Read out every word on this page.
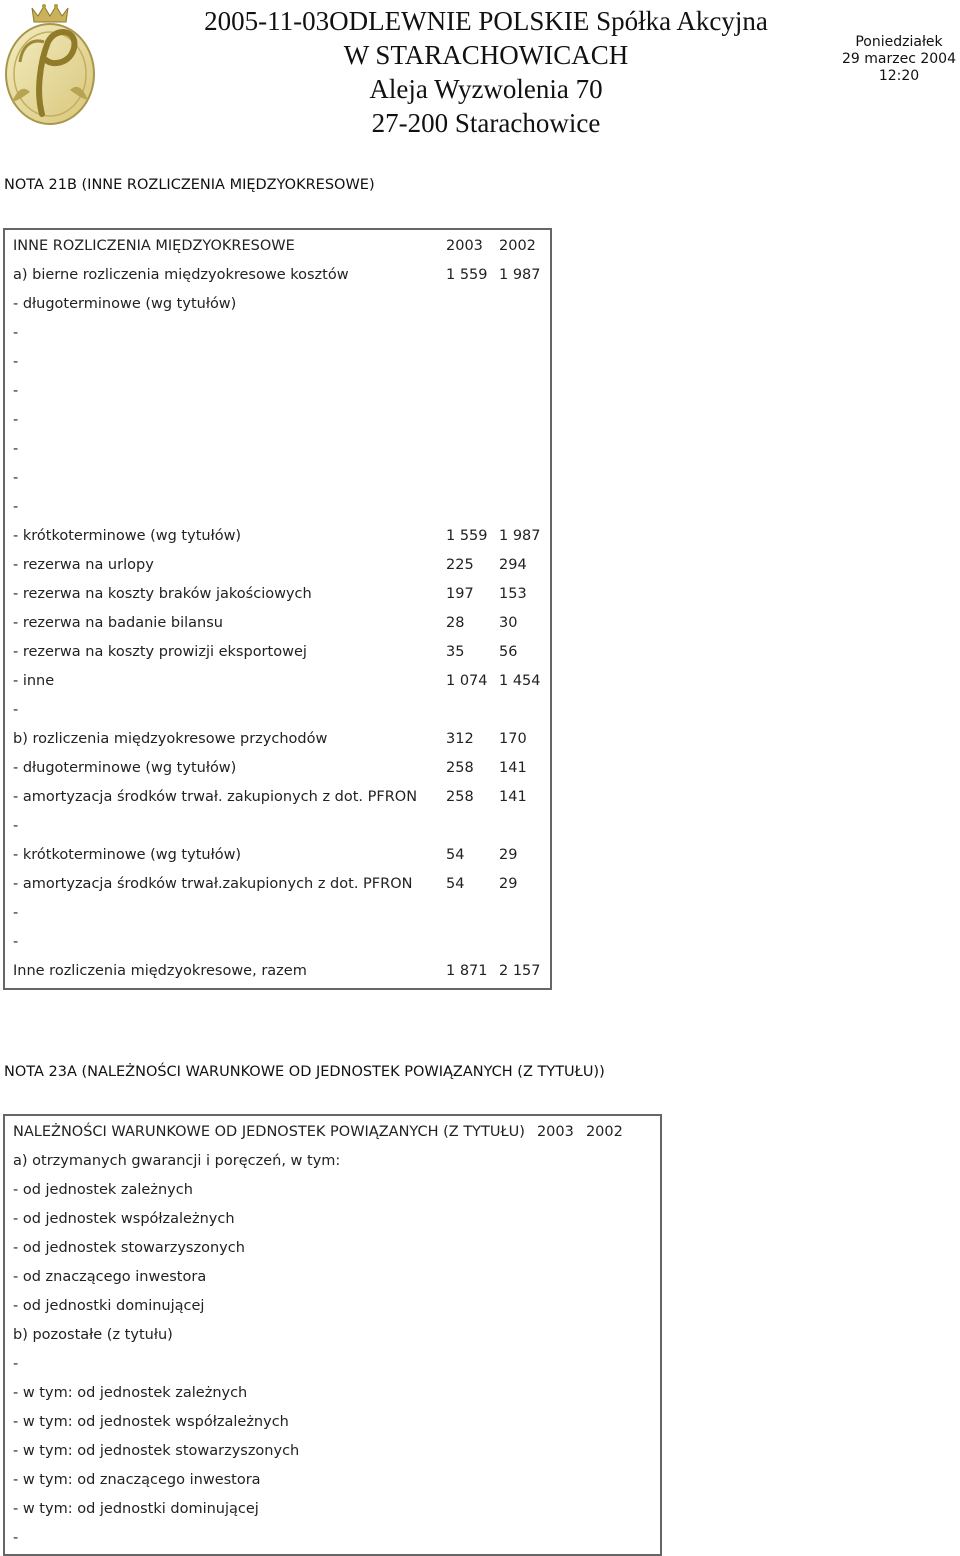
2005-11-03ODLEWNIE POLSKIE Spółka Akcyjna
W STARACHOWICACH
Aleja Wyzwolenia 70
27-200 Starachowice
Poniedziałek
29 marzec 2004
12:20
NOTA 21B (INNE ROZLICZENIA MIĘDZYOKRESOWE)
INNE ROZLICZENIA MIĘDZYOKRESOWE	2003	2002
a) bierne rozliczenia międzyokresowe kosztów	1 559	1 987
- długoterminowe (wg tytułów)		
-		
-		
-		
-		
-		
-		
-		
- krótkoterminowe (wg tytułów)	1 559	1 987
- rezerwa na urlopy	225	294
- rezerwa na koszty braków jakościowych	197	153
- rezerwa na badanie bilansu	28	30
- rezerwa na koszty prowizji eksportowej	35	56
- inne	1 074	1 454
-		
b) rozliczenia międzyokresowe przychodów	312	170
- długoterminowe (wg tytułów)	258	141
- amortyzacja środków trwał. zakupionych z dot. PFRON	258	141
-		
- krótkoterminowe (wg tytułów)	54	29
- amortyzacja środków trwał.zakupionych z dot. PFRON	54	29
-		
-		
Inne rozliczenia międzyokresowe, razem	1 871	2 157
NOTA 23A (NALEŻNOŚCI WARUNKOWE OD JEDNOSTEK POWIĄZANYCH (Z TYTUŁU))
NALEŻNOŚCI WARUNKOWE OD JEDNOSTEK POWIĄZANYCH (Z TYTUŁU)	2003	2002
a) otrzymanych gwarancji i poręczeń, w tym:		
- od jednostek zależnych		
- od jednostek współzależnych		
- od jednostek stowarzyszonych		
- od znaczącego inwestora		
- od jednostki dominującej		
b) pozostałe (z tytułu)		
-		
- w tym: od jednostek zależnych		
- w tym: od jednostek współzależnych		
- w tym: od jednostek stowarzyszonych		
- w tym: od znaczącego inwestora		
- w tym: od jednostki dominującej		
-		
